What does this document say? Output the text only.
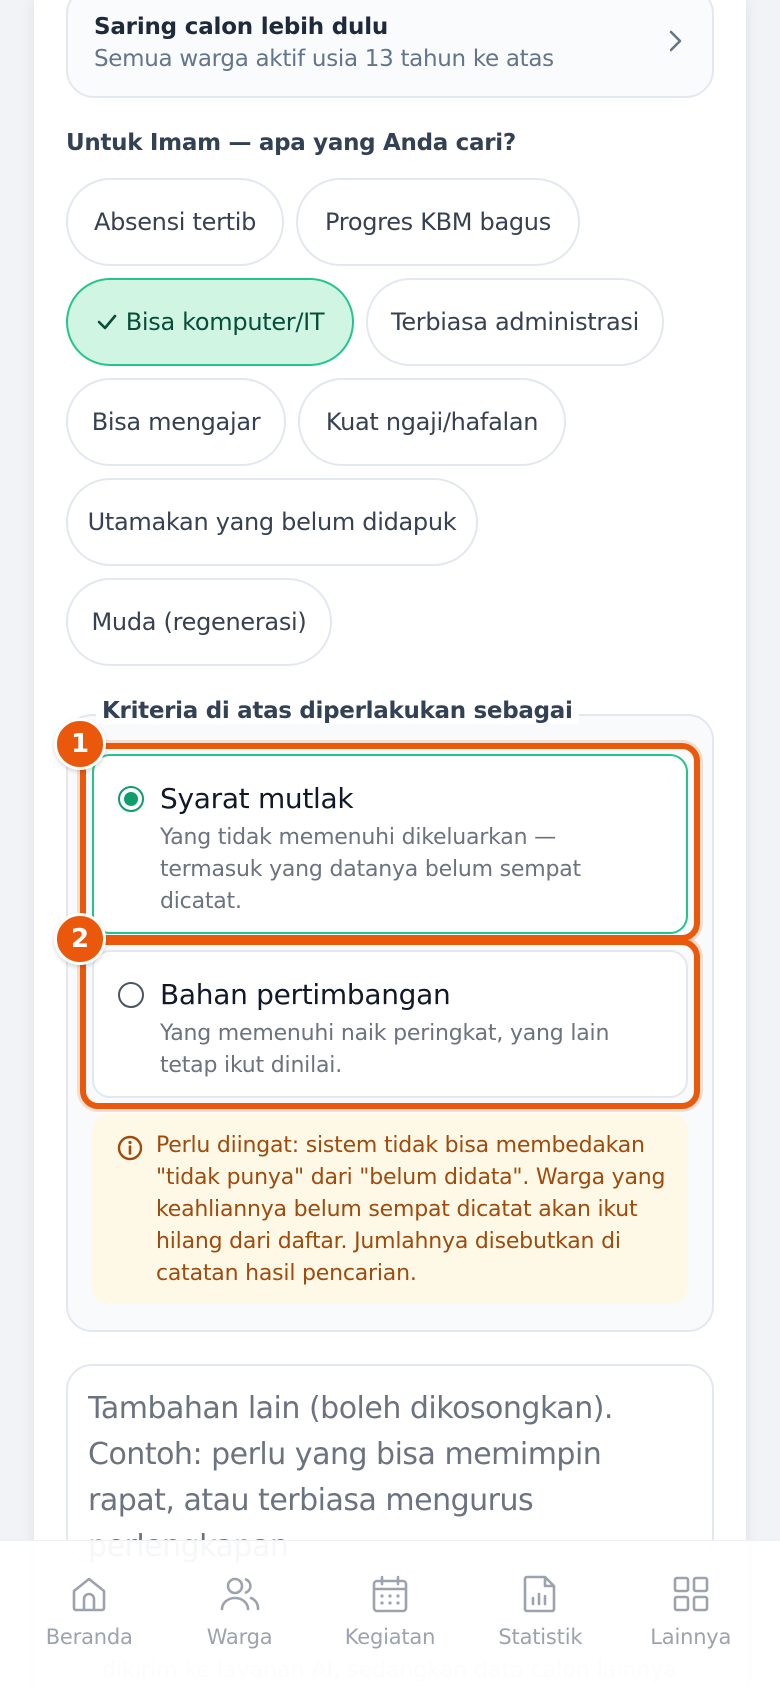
Saring calon lebih dulu
Semua warga aktif usia 13 tahun ke atas
Untuk Imam — apa yang Anda cari?
Absensi tertib	Progres KBM bagus
Bisa komputer/IT	Terbiasa administrasi
Bisa mengajar	Kuat ngaji/hafalan
Utamakan yang belum didapuk
Muda (regenerasi)
Kriteria di atas diperlakukan sebagai
Syarat mutlak
Yang tidak memenuhi dikeluarkan — termasuk yang datanya belum sempat dicatat.
Bahan pertimbangan
Yang memenuhi naik peringkat, yang lain tetap ikut dinilai.
1
2
Perlu diingat: sistem tidak bisa membedakan "tidak punya" dari "belum didata". Warga yang keahliannya belum sempat dicatat akan ikut hilang dari daftar. Jumlahnya disebutkan di catatan hasil pencarian.
Tambahan lain (boleh dikosongkan). Contoh: perlu yang bisa memimpin rapat, atau terbiasa mengurus perlengkapan
Beranda	Warga	Kegiatan	Statistik	Lainnya
